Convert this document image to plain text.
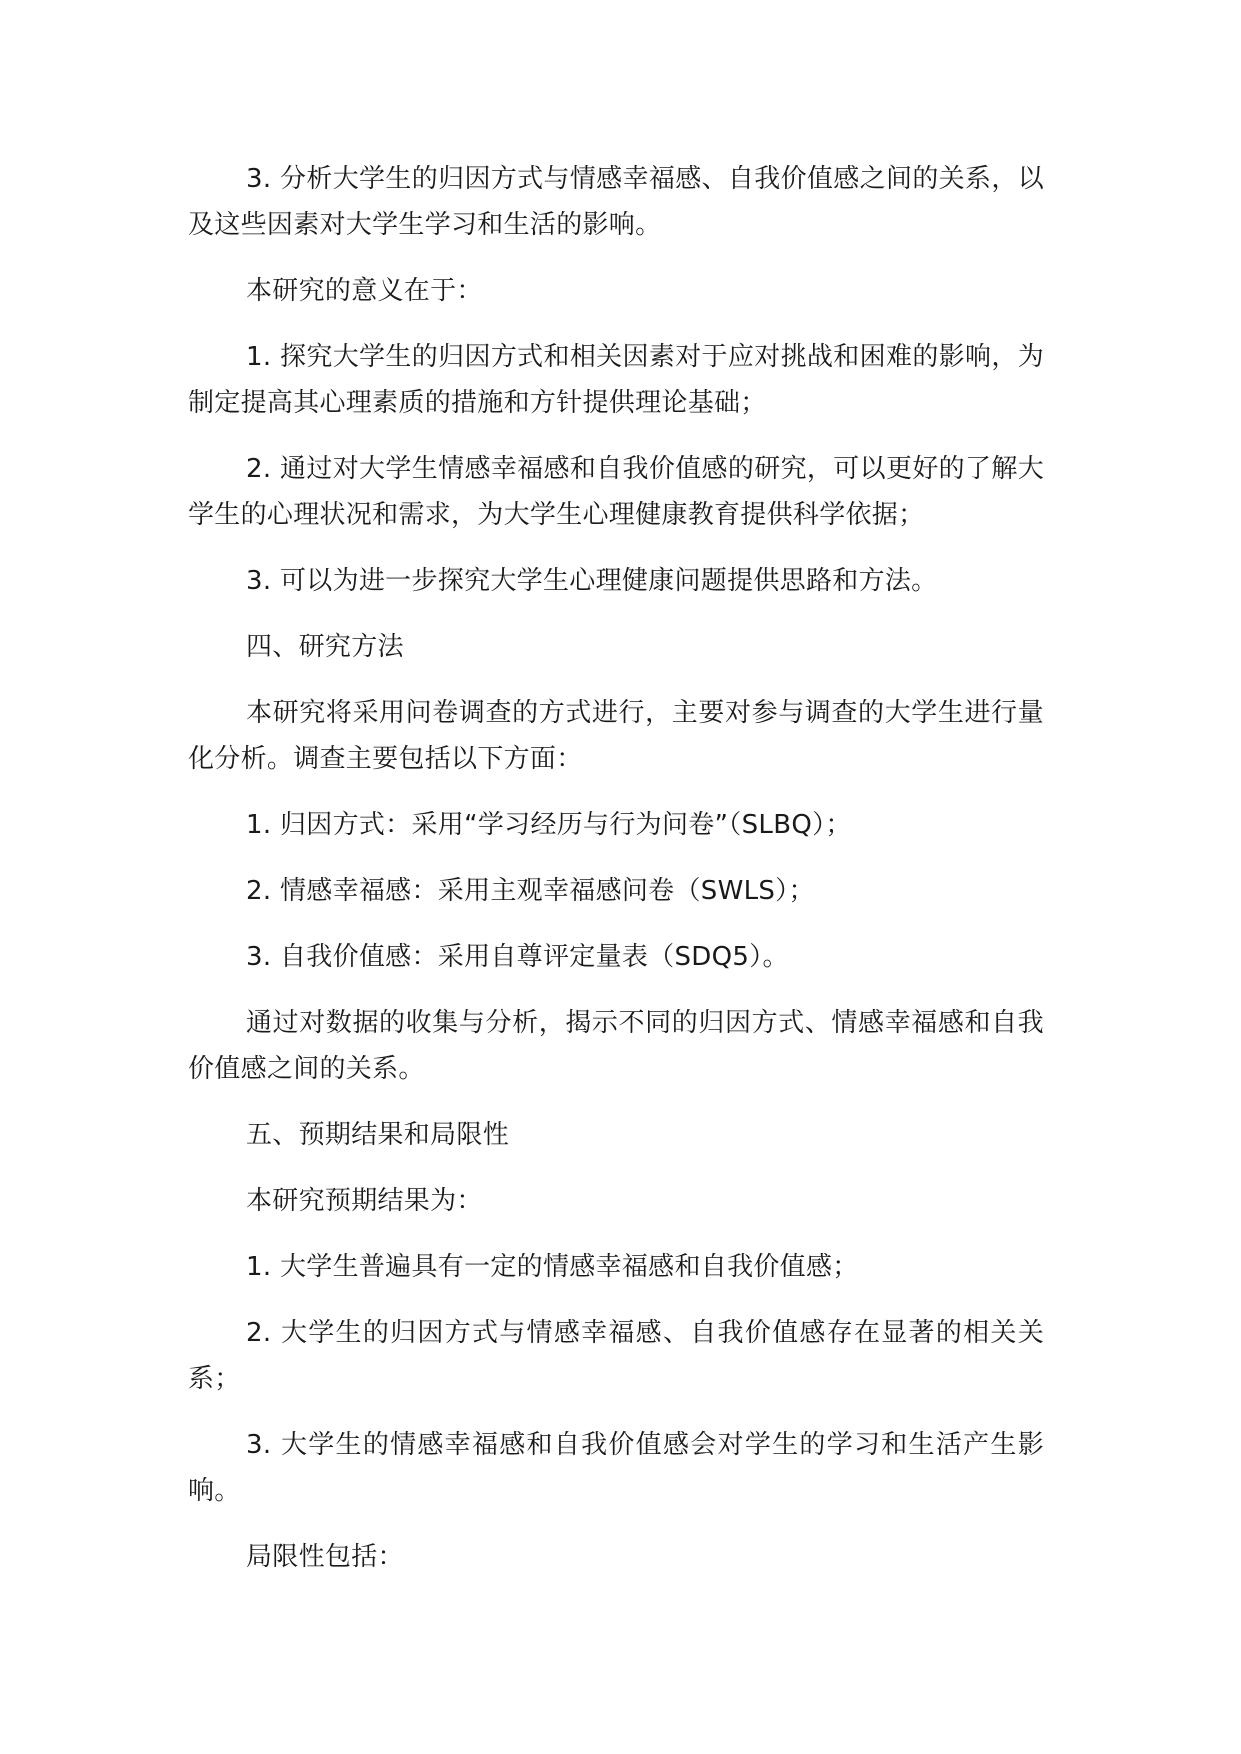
3. 分析大学生的归因方式与情感幸福感、自我价值感之间的关系，以及这些因素对大学生学习和生活的影响。

本研究的意义在于：

1. 探究大学生的归因方式和相关因素对于应对挑战和困难的影响，为制定提高其心理素质的措施和方针提供理论基础；

2. 通过对大学生情感幸福感和自我价值感的研究，可以更好的了解大学生的心理状况和需求，为大学生心理健康教育提供科学依据；

3. 可以为进一步探究大学生心理健康问题提供思路和方法。

四、研究方法

本研究将采用问卷调查的方式进行，主要对参与调查的大学生进行量化分析。调查主要包括以下方面：

1. 归因方式：采用“学习经历与行为问卷”（SLBQ）；

2. 情感幸福感：采用主观幸福感问卷（SWLS）；

3. 自我价值感：采用自尊评定量表（SDQ5）。

通过对数据的收集与分析，揭示不同的归因方式、情感幸福感和自我价值感之间的关系。

五、预期结果和局限性

本研究预期结果为：

1. 大学生普遍具有一定的情感幸福感和自我价值感；

2. 大学生的归因方式与情感幸福感、自我价值感存在显著的相关关系；

3. 大学生的情感幸福感和自我价值感会对学生的学习和生活产生影响。

局限性包括：
